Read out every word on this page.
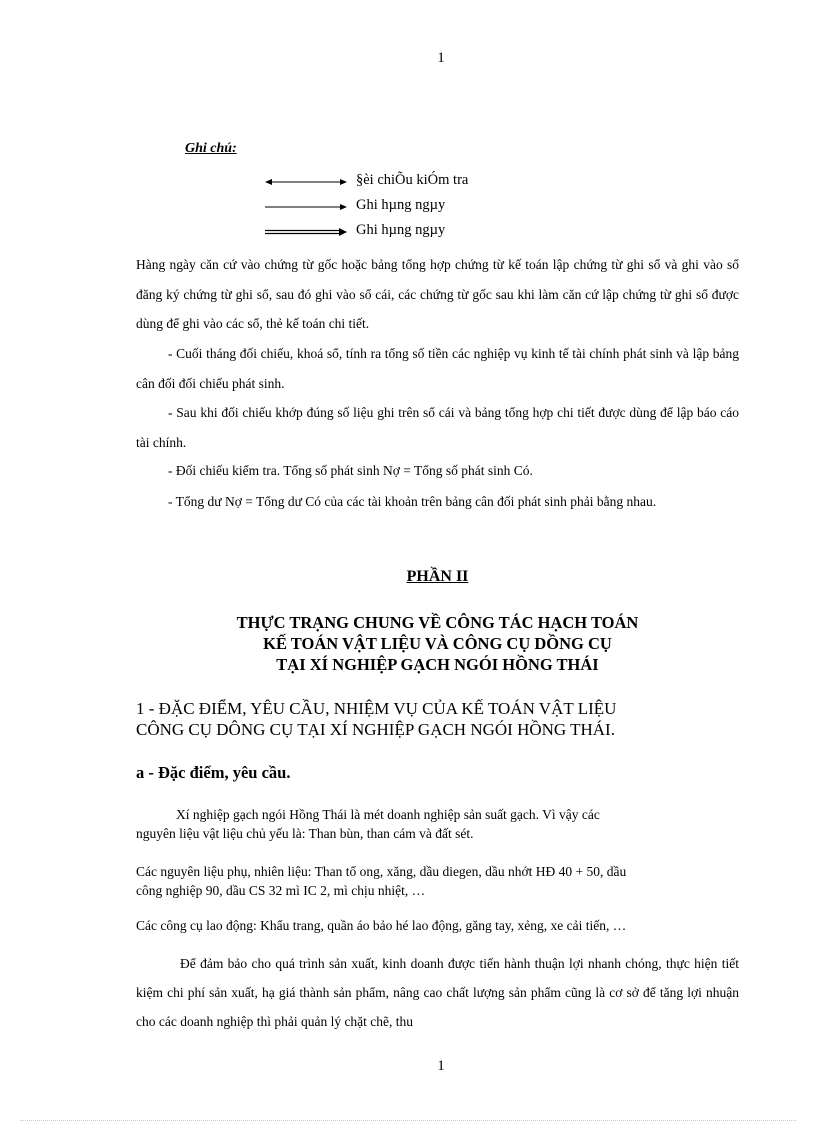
1
Ghi chú:
§èi chiÕu kiÓm tra
Ghi hµng ngµy
Ghi hµng ngµy
Hàng ngày căn cứ vào chứng từ gốc hoặc bảng tổng hợp chứng từ kế toán lập chứng từ ghi sổ và ghi vào sổ đăng ký chứng từ ghi sổ, sau đó ghi vào sổ cái, các chứng từ gốc sau khi làm căn cứ lập chứng từ ghi sổ được dùng để ghi vào các sổ, thẻ kế toán chi tiết.
- Cuối tháng đối chiếu, khoá sổ, tính ra tổng số tiền các nghiệp vụ kinh tế tài chính phát sinh và lập bảng cân đối đối chiếu phát sinh.
- Sau khi đối chiếu khớp đúng số liệu ghi trên sổ cái và bảng tổng hợp chi tiết được dùng để lập báo cáo tài chính.
- Đối chiếu kiểm tra. Tổng số phát sinh Nợ = Tổng số phát sinh Có.
- Tổng dư Nợ = Tổng dư Có của các tài khoản trên bảng cân đối phát sinh phải bằng nhau.
PHẦN II
THỰC TRẠNG CHUNG VỀ CÔNG TÁC HẠCH TOÁN
KẾ TOÁN VẬT LIỆU VÀ CÔNG CỤ DỒNG CỤ
TẠI XÍ NGHIỆP GẠCH NGÓI HỒNG THÁI
1 - ĐẶC ĐIỂM, YÊU CẦU, NHIỆM VỤ CỦA KẾ TOÁN VẬT LIỆU
CÔNG CỤ DÔNG CỤ TẠI XÍ NGHIỆP GẠCH NGÓI HỒNG THÁI.
a - Đặc điểm, yêu cầu.
Xí nghiệp gạch ngói Hồng Thái là mét doanh nghiệp sản suất gạch. Vì vậy các
nguyên liệu vật liệu chủ yếu là: Than bùn, than cám và đất sét.
Các nguyên liệu phụ, nhiên liệu: Than tổ ong, xăng, dầu diegen, dầu nhớt HĐ 40 + 50, dầu
công nghiệp 90, dầu CS 32 mì IC 2, mì chịu nhiệt, …
Các công cụ lao động: Khẩu trang, quần áo bảo hé lao động, găng tay, xẻng, xe cải tiến, …
Để đảm bảo cho quá trình sản xuất, kinh doanh được tiến hành thuận lợi nhanh chóng, thực hiện tiết kiệm chi phí sản xuất, hạ giá thành sản phẩm, nâng cao chất lượng sản phẩm cũng là cơ sở để tăng lợi nhuận cho các doanh nghiệp thì phải quản lý chặt chẽ, thu
1
